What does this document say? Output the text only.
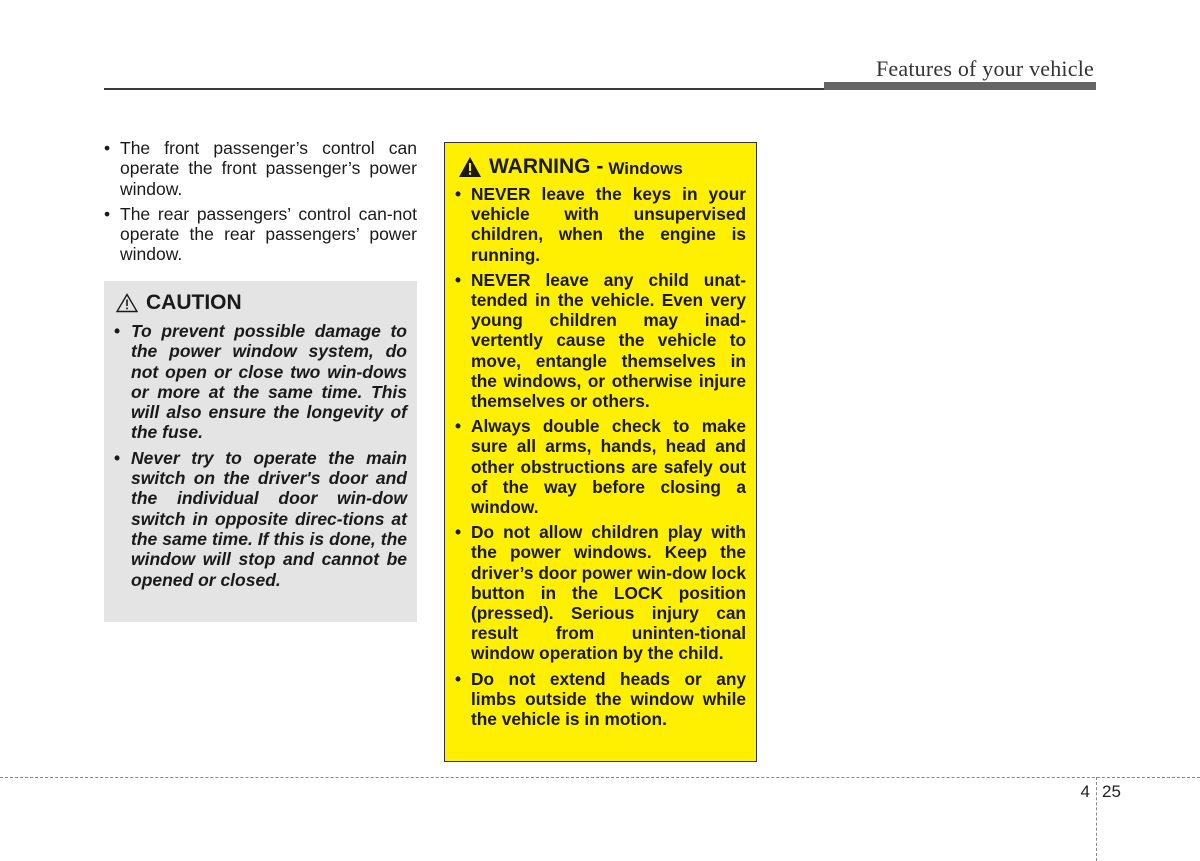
Features of your vehicle
• The front passenger’s control can operate the front passenger’s power window.
• The rear passengers’ control can-not operate the rear passengers’ power window.
CAUTION
• To prevent possible damage to the power window system, do not open or close two win-dows or more at the same time. This will also ensure the longevity of the fuse.
• Never try to operate the main switch on the driver's door and the individual door win-dow switch in opposite direc-tions at the same time. If this is done, the window will stop and cannot be opened or closed.
WARNING - Windows
• NEVER leave the keys in your vehicle with unsupervised children, when the engine is running.
• NEVER leave any child unat-tended in the vehicle. Even very young children may inad-vertently cause the vehicle to move, entangle themselves in the windows, or otherwise injure themselves or others.
• Always double check to make sure all arms, hands, head and other obstructions are safely out of the way before closing a window.
• Do not allow children play with the power windows. Keep the driver’s door power win-dow lock button in the LOCK position (pressed). Serious injury can result from uninten-tional window operation by the child.
• Do not extend heads or any limbs outside the window while the vehicle is in motion.
4 25
